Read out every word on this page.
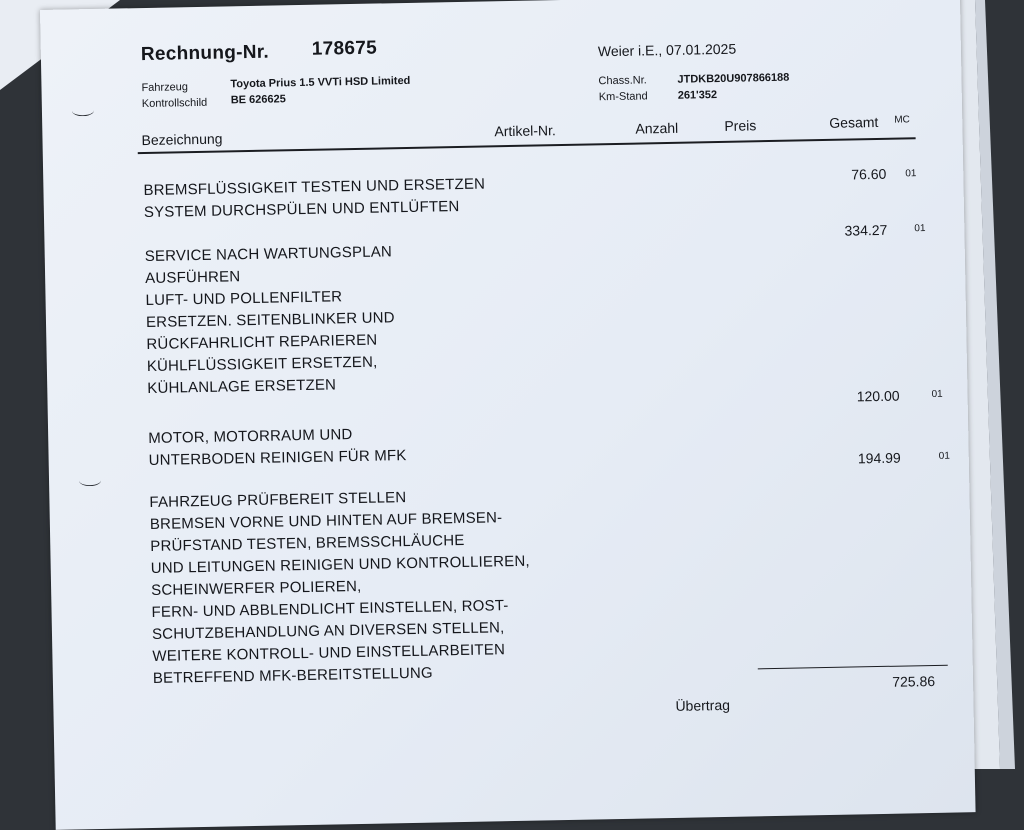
Rechnung-Nr. 178675	Weier i.E., 07.01.2025
Fahrzeug	Toyota Prius 1.5 VVTi HSD Limited
Kontrollschild BE 626625
Chass.Nr.	JTDKB20U907866188
Km-Stand	261'352
Bezeichnung	Artikel-Nr.	Anzahl	Preis	Gesamt MC
BREMSFLÜSSIGKEIT TESTEN UND ERSETZEN
SYSTEM DURCHSPÜLEN UND ENTLÜFTEN
76.60 01
SERVICE NACH WARTUNGSPLAN
AUSFÜHREN
LUFT- UND POLLENFILTER
ERSETZEN. SEITENBLINKER UND
RÜCKFAHRLICHT REPARIEREN
KÜHLFLÜSSIGKEIT ERSETZEN,
KÜHLANLAGE ERSETZEN
334.27	01
MOTOR, MOTORRAUM UND
UNTERBODEN REINIGEN FÜR MFK
120.00	01
FAHRZEUG PRÜFBEREIT STELLEN
BREMSEN VORNE UND HINTEN AUF BREMSEN-
PRÜFSTAND TESTEN, BREMSSCHLÄUCHE
UND LEITUNGEN REINIGEN UND KONTROLLIEREN,
SCHEINWERFER POLIEREN,
FERN- UND ABBLENDLICHT EINSTELLEN, ROST-
SCHUTZBEHANDLUNG AN DIVERSEN STELLEN,
WEITERE KONTROLL- UND EINSTELLARBEITEN
BETREFFEND MFK-BEREITSTELLUNG
194.99	01
Übertrag
725.86
